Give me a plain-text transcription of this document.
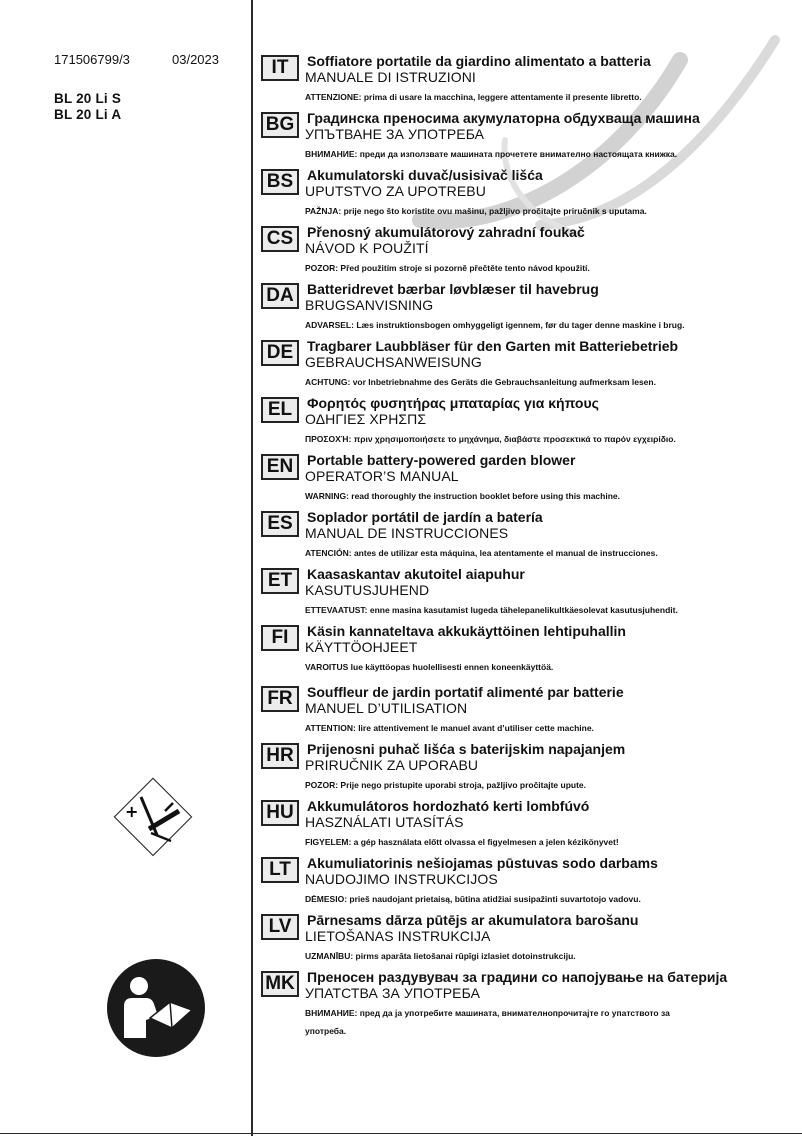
171506799/3	03/2023
BL 20 Li S
BL 20 Li A
+
IT	Soffiatore portatile da giardino alimentato a batteria
MANUALE DI ISTRUZIONI
ATTENZIONE: prima di usare la macchina, leggere attentamente il presente libretto.
BG Градинска преносима акумулаторна обдухваща машина
УПЪТВАНЕ ЗА УПОТРЕБА
ВНИМАНИЕ: преди да използвате машината прочетете внимателно настоящата книжка.
BS Akumulatorski duvač/usisivač lišća
UPUTSTVO ZA UPOTREBU
PAŽNJA: prije nego što koristite ovu mašinu, pažljivo pročitajte priručnik s uputama.
CS Přenosný akumulátorový zahradní foukač
NÁVOD K POUŽITÍ
POZOR: Před použitím stroje si pozorně přečtěte tento návod kpoužití.
DA Batteridrevet bærbar løvblæser til havebrug
BRUGSANVISNING
ADVARSEL: Læs instruktionsbogen omhyggeligt igennem, før du tager denne maskine i brug.
DE Tragbarer Laubbläser für den Garten mit Batteriebetrieb
GEBRAUCHSANWEISUNG
ACHTUNG: vor Inbetriebnahme des Geräts die Gebrauchsanleitung aufmerksam lesen.
EL	Φορητός φυσητήρας μπαταρίας για κήπους
ΟΔΗΓΙΕΣ ΧΡΗΣΠΣ
ΠΡΟΣΟΧΉ: πριν χρησιμοποιήσετε το μηχάνημα, διαβάστε προσεκτικά το παρόν εγχειρίδιο.
EN Portable battery-powered garden blower
OPERATOR’S MANUAL
WARNING: read thoroughly the instruction booklet before using this machine.
ES	Soplador portátil de jardín a batería
MANUAL DE INSTRUCCIONES
ATENCIÓN: antes de utilizar esta máquina, lea atentamente el manual de instrucciones.
ET	Kaasaskantav akutoitel aiapuhur
KASUTUSJUHEND
ETTEVAATUST: enne masina kasutamist lugeda tähelepanelikultkäesolevat kasutusjuhendit.
FI	Käsin kannateltava akkukäyttöinen lehtipuhallin
KÄYTTÖOHJEET
VAROITUS lue käyttöopas huolellisesti ennen koneenkäyttöä.
FR	Souffleur de jardin portatif alimenté par batterie
MANUEL D’UTILISATION
ATTENTION: lire attentivement le manuel avant d’utiliser cette machine.
HR Prijenosni puhač lišća s baterijskim napajanjem
PRIRUČNIK ZA UPORABU
POZOR: Prije nego pristupite uporabi stroja, pažljivo pročitajte upute.
HU Akkumulátoros hordozható kerti lombfúvó
HASZNÁLATI UTASÍTÁS
FIGYELEM: a gép használata előtt olvassa el figyelmesen a jelen kézikönyvet!
LT	Akumuliatorinis nešiojamas pūstuvas sodo darbams
NAUDOJIMO INSTRUKCIJOS
DĖMESIO: prieš naudojant prietaisą, būtina atidžiai susipažinti suvartotojo vadovu.
LV	Pārnesams dārza pūtējs ar akumulatora barošanu
LIETOŠANAS INSTRUKCIJA
UZMANĪBU: pirms aparāta lietošanai rūpīgi izlasiet dotoinstrukciju.
MK Преносен раздувувач за градини со напојување на батерија
УПАТСТВА ЗА УПОТРЕБА
ВНИМАНИЕ: пред да ја употребите машината, внимателнопрочитајте го упатството за
употреба.
